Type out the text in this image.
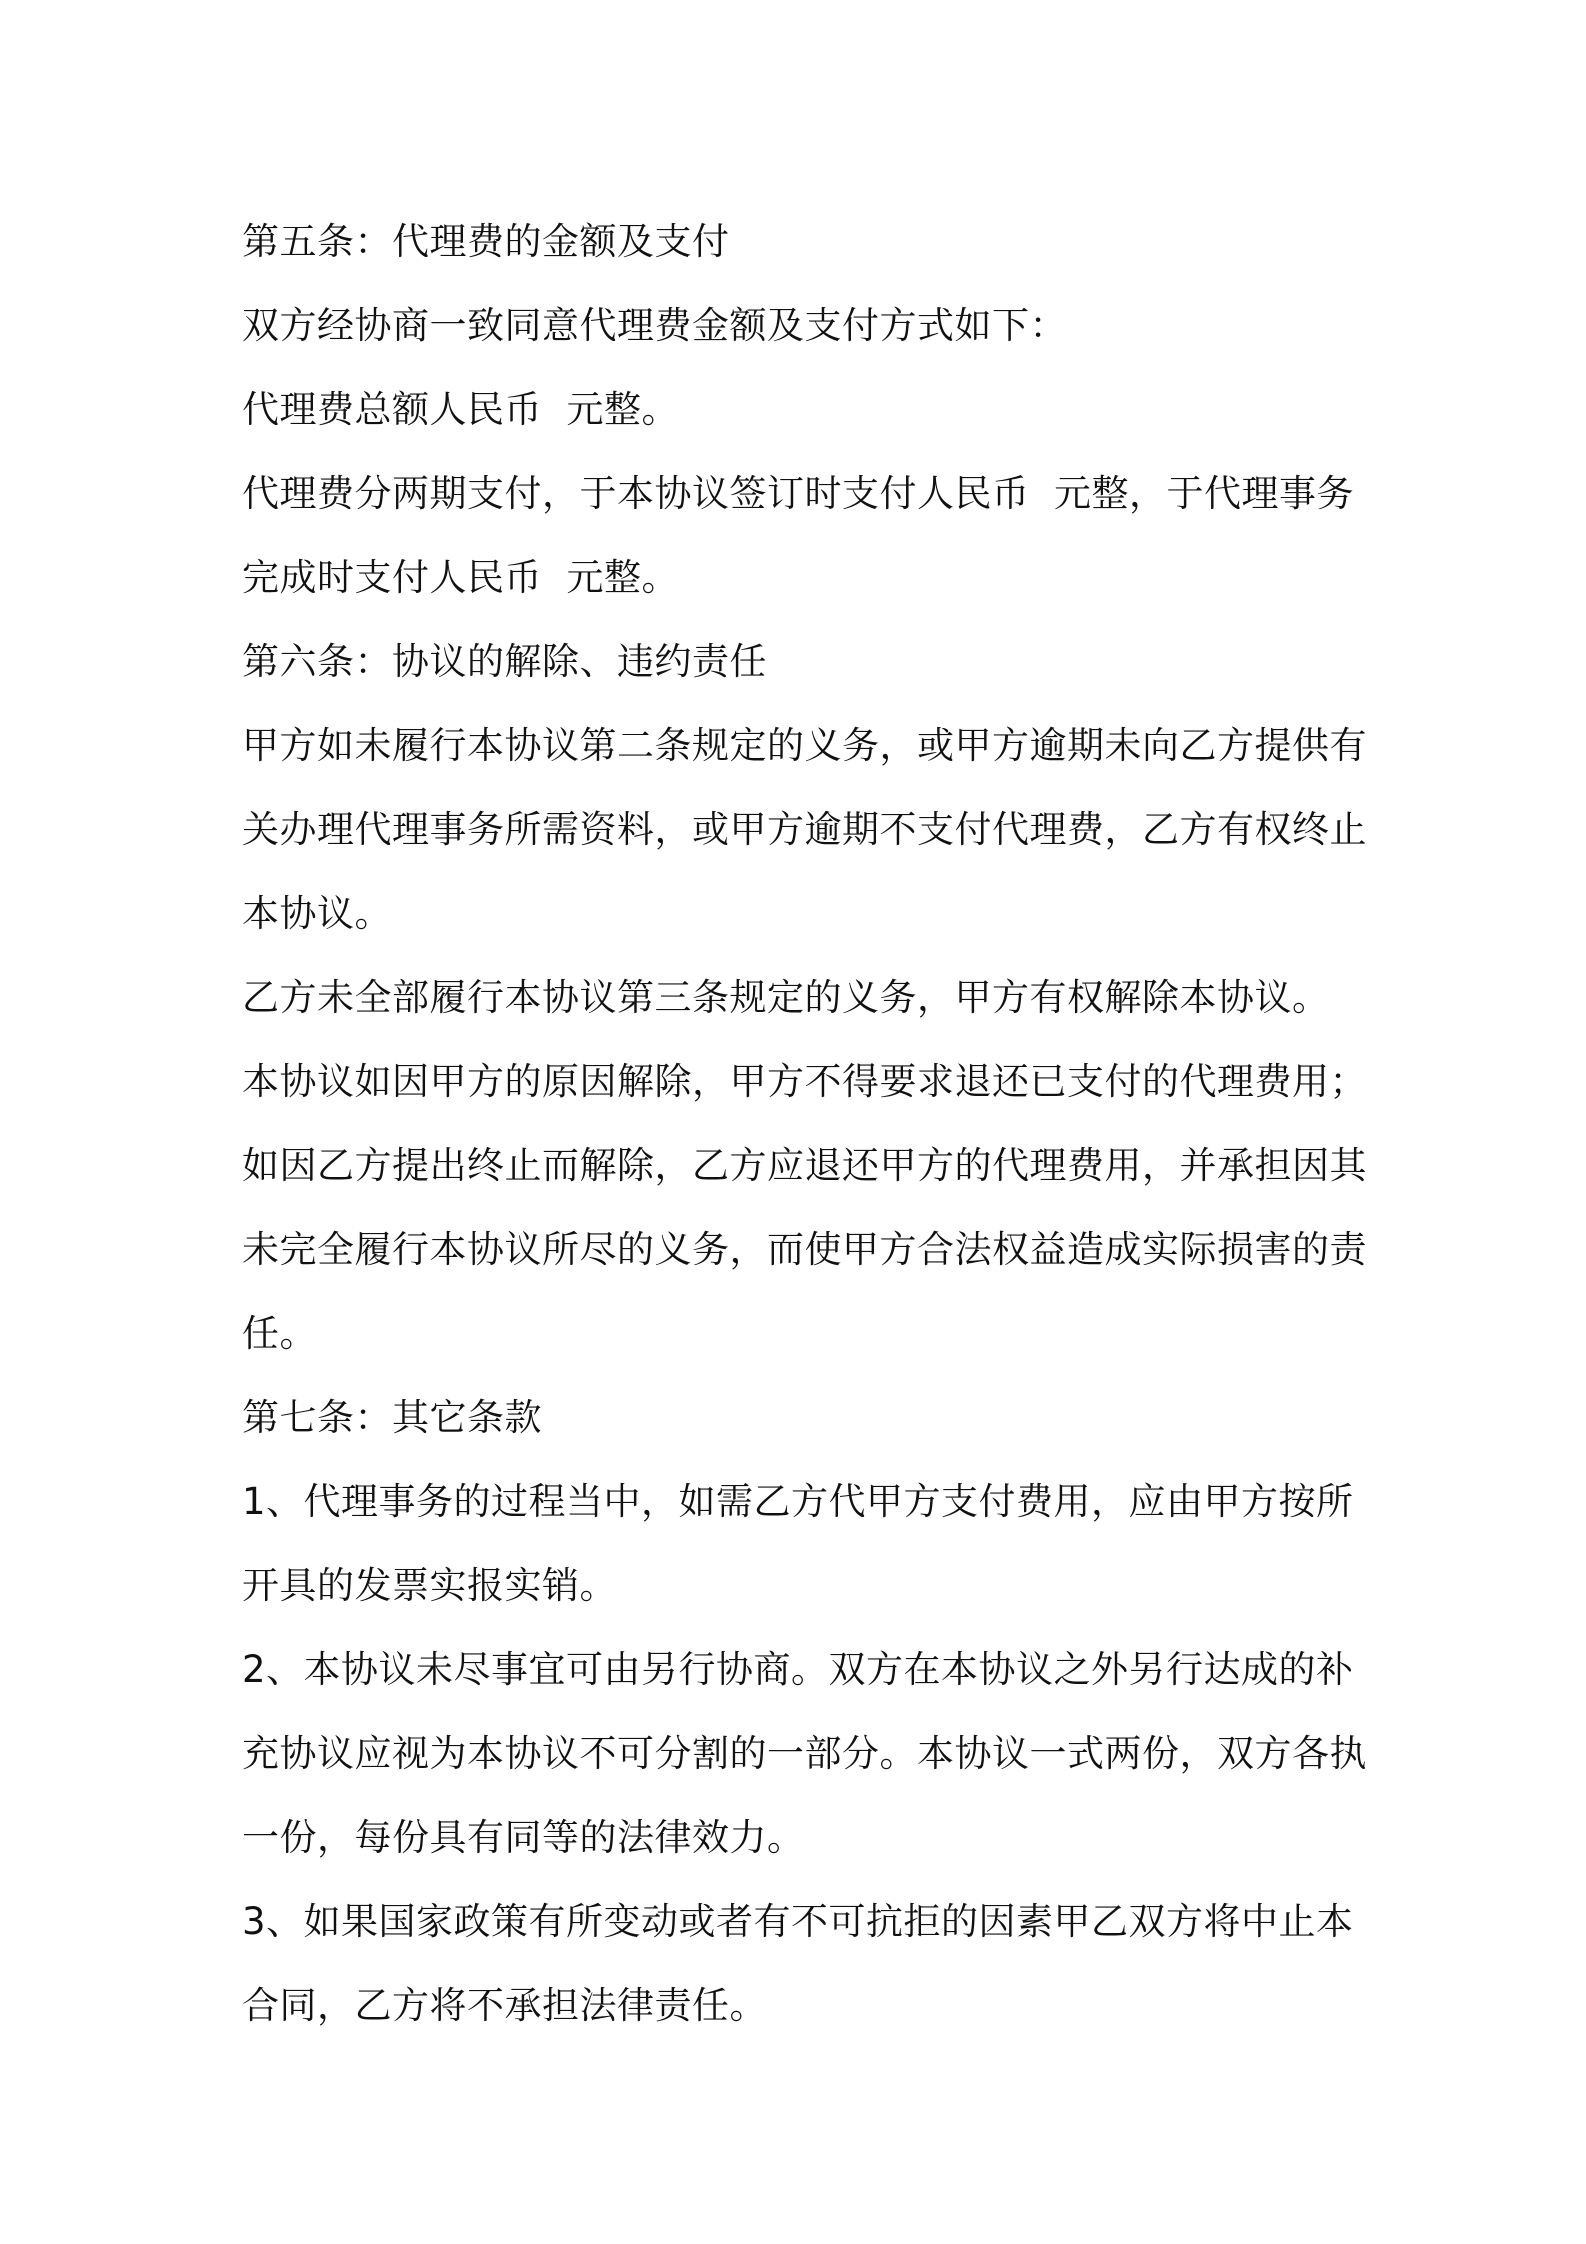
第五条：代理费的金额及支付
双方经协商一致同意代理费金额及支付方式如下：
代理费总额人民币  元整。
代理费分两期支付，于本协议签订时支付人民币  元整，于代理事务
完成时支付人民币  元整。
第六条：协议的解除、违约责任
甲方如未履行本协议第二条规定的义务，或甲方逾期未向乙方提供有
关办理代理事务所需资料，或甲方逾期不支付代理费，乙方有权终止
本协议。
乙方未全部履行本协议第三条规定的义务，甲方有权解除本协议。
本协议如因甲方的原因解除，甲方不得要求退还已支付的代理费用；
如因乙方提出终止而解除，乙方应退还甲方的代理费用，并承担因其
未完全履行本协议所尽的义务，而使甲方合法权益造成实际损害的责
任。
第七条：其它条款
1、代理事务的过程当中，如需乙方代甲方支付费用，应由甲方按所
开具的发票实报实销。
2、本协议未尽事宜可由另行协商。双方在本协议之外另行达成的补
充协议应视为本协议不可分割的一部分。本协议一式两份，双方各执
一份，每份具有同等的法律效力。
3、如果国家政策有所变动或者有不可抗拒的因素甲乙双方将中止本
合同，乙方将不承担法律责任。
